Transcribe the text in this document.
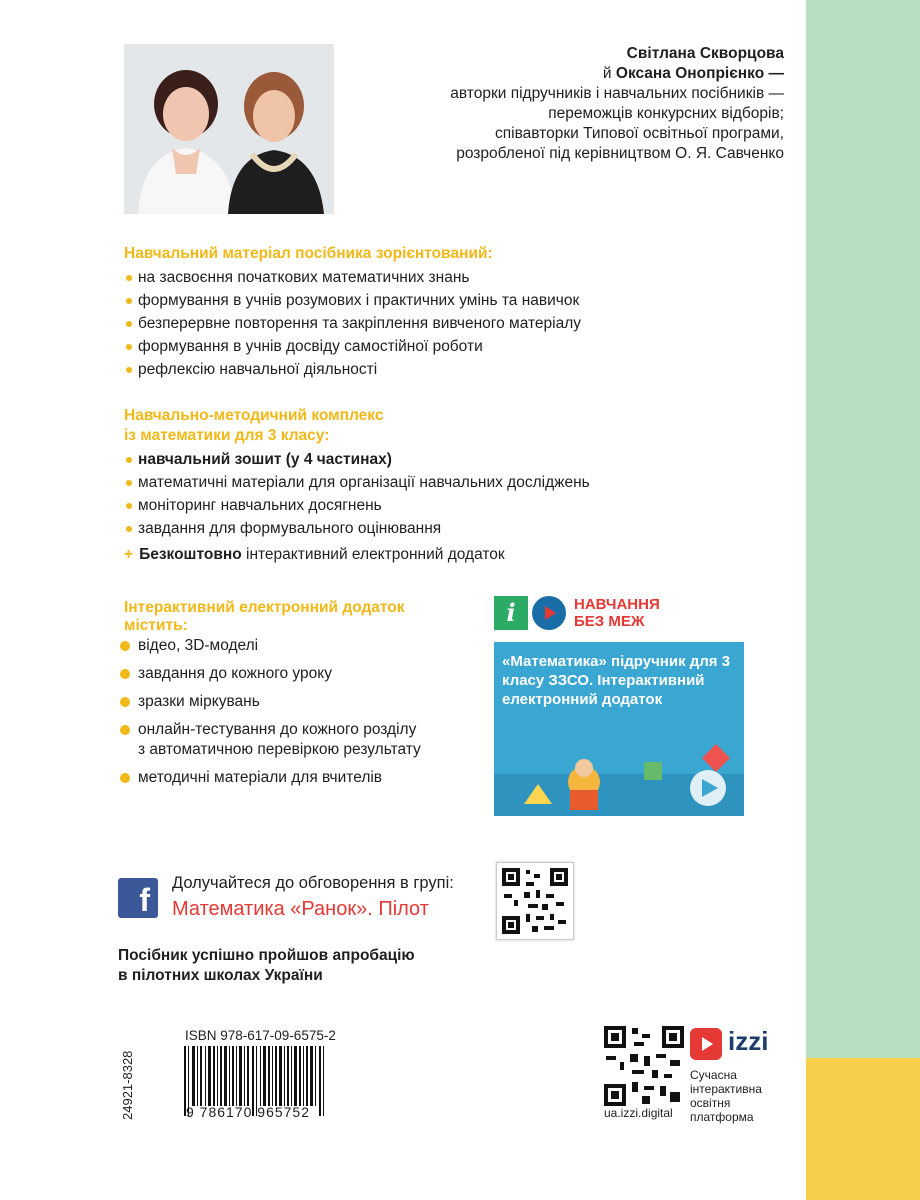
Світлана Скворцова
й Оксана Онопрієнко —
авторки підручників і навчальних посібників —
переможців конкурсних відборів;
співавторки Типової освітньої програми,
розробленої під керівництвом О. Я. Савченко
Навчальний матеріал посібника зорієнтований:
на засвоєння початкових математичних знань
формування в учнів розумових і практичних умінь та навичок
безперервне повторення та закріплення вивченого матеріалу
формування в учнів досвіду самостійної роботи
рефлексію навчальної діяльності
Навчально-методичний комплекс
із математики для 3 класу:
навчальний зошит (у 4 частинах)
математичні матеріали для організації навчальних досліджень
моніторинг навчальних досягнень
завдання для формувального оцінювання
+ Безкоштовно інтерактивний електронний додаток
Інтерактивний електронний додаток
містить:
відео, 3D-моделі
завдання до кожного уроку
зразки міркувань
онлайн-тестування до кожного розділу
з автоматичною перевіркою результату
методичні матеріали для вчителів
i	НАВЧАННЯ
БЕЗ МЕЖ
«Математика» підручник для 3 класу ЗЗСО. Інтерактивний електронний додаток
f	Долучайтеся до обговорення в групі:
Математика «Ранок». Пілот
Посібник успішно пройшов апробацію
в пілотних школах України
24921-8328
ISBN 978-617-09-6575-2
9 786170 965752	ua.izzi.digital
izzi
Сучасна
інтерактивна
освітня
платформа
